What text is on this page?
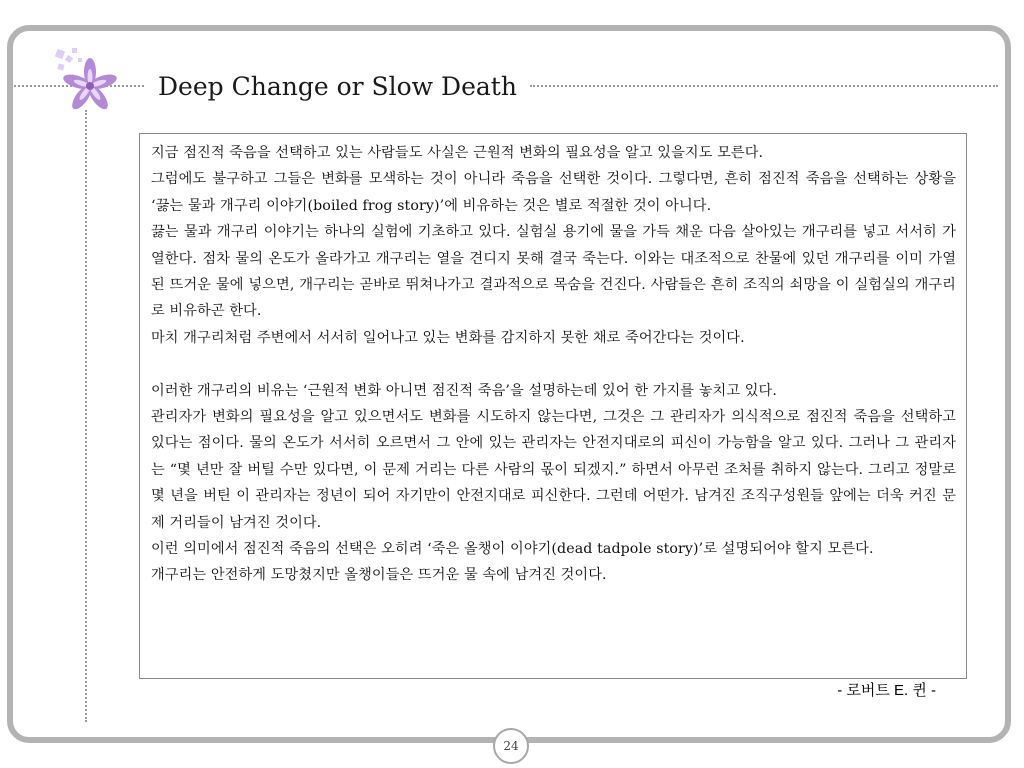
Deep Change or Slow Death

지금 점진적 죽음을 선택하고 있는 사람들도 사실은 근원적 변화의 필요성을 알고 있을지도 모른다.

그럼에도 불구하고 그들은 변화를 모색하는 것이 아니라 죽음을 선택한 것이다. 그렇다면, 흔히 점진적 죽음을 선택하는 상황을 ‘끓는 물과 개구리 이야기(boiled frog story)’에 비유하는 것은 별로 적절한 것이 아니다.

끓는 물과 개구리 이야기는 하나의 실험에 기초하고 있다. 실험실 용기에 물을 가득 채운 다음 살아있는 개구리를 넣고 서서히 가열한다. 점차 물의 온도가 올라가고 개구리는 열을 견디지 못해 결국 죽는다. 이와는 대조적으로 찬물에 있던 개구리를 이미 가열된 뜨거운 물에 넣으면, 개구리는 곧바로 뛰쳐나가고 결과적으로 목숨을 건진다. 사람들은 흔히 조직의 쇠망을 이 실험실의 개구리로 비유하곤 한다.

마치 개구리처럼 주변에서 서서히 일어나고 있는 변화를 감지하지 못한 채로 죽어간다는 것이다.

이러한 개구리의 비유는 ‘근원적 변화 아니면 점진적 죽음’을 설명하는데 있어 한 가지를 놓치고 있다.

관리자가 변화의 필요성을 알고 있으면서도 변화를 시도하지 않는다면, 그것은 그 관리자가 의식적으로 점진적 죽음을 선택하고 있다는 점이다. 물의 온도가 서서히 오르면서 그 안에 있는 관리자는 안전지대로의 피신이 가능함을 알고 있다. 그러나 그 관리자는 “몇 년만 잘 버틸 수만 있다면, 이 문제 거리는 다른 사람의 몫이 되겠지.” 하면서 아무런 조처를 취하지 않는다. 그리고 정말로 몇 년을 버틴 이 관리자는 정년이 되어 자기만이 안전지대로 피신한다. 그런데 어떤가. 남겨진 조직구성원들 앞에는 더욱 커진 문제 거리들이 남겨진 것이다.

이런 의미에서 점진적 죽음의 선택은 오히려 ‘죽은 올챙이 이야기(dead tadpole story)’로 설명되어야 할지 모른다.

개구리는 안전하게 도망쳤지만 올챙이들은 뜨거운 물 속에 남겨진 것이다.

- 로버트 E. 퀸 -
24
